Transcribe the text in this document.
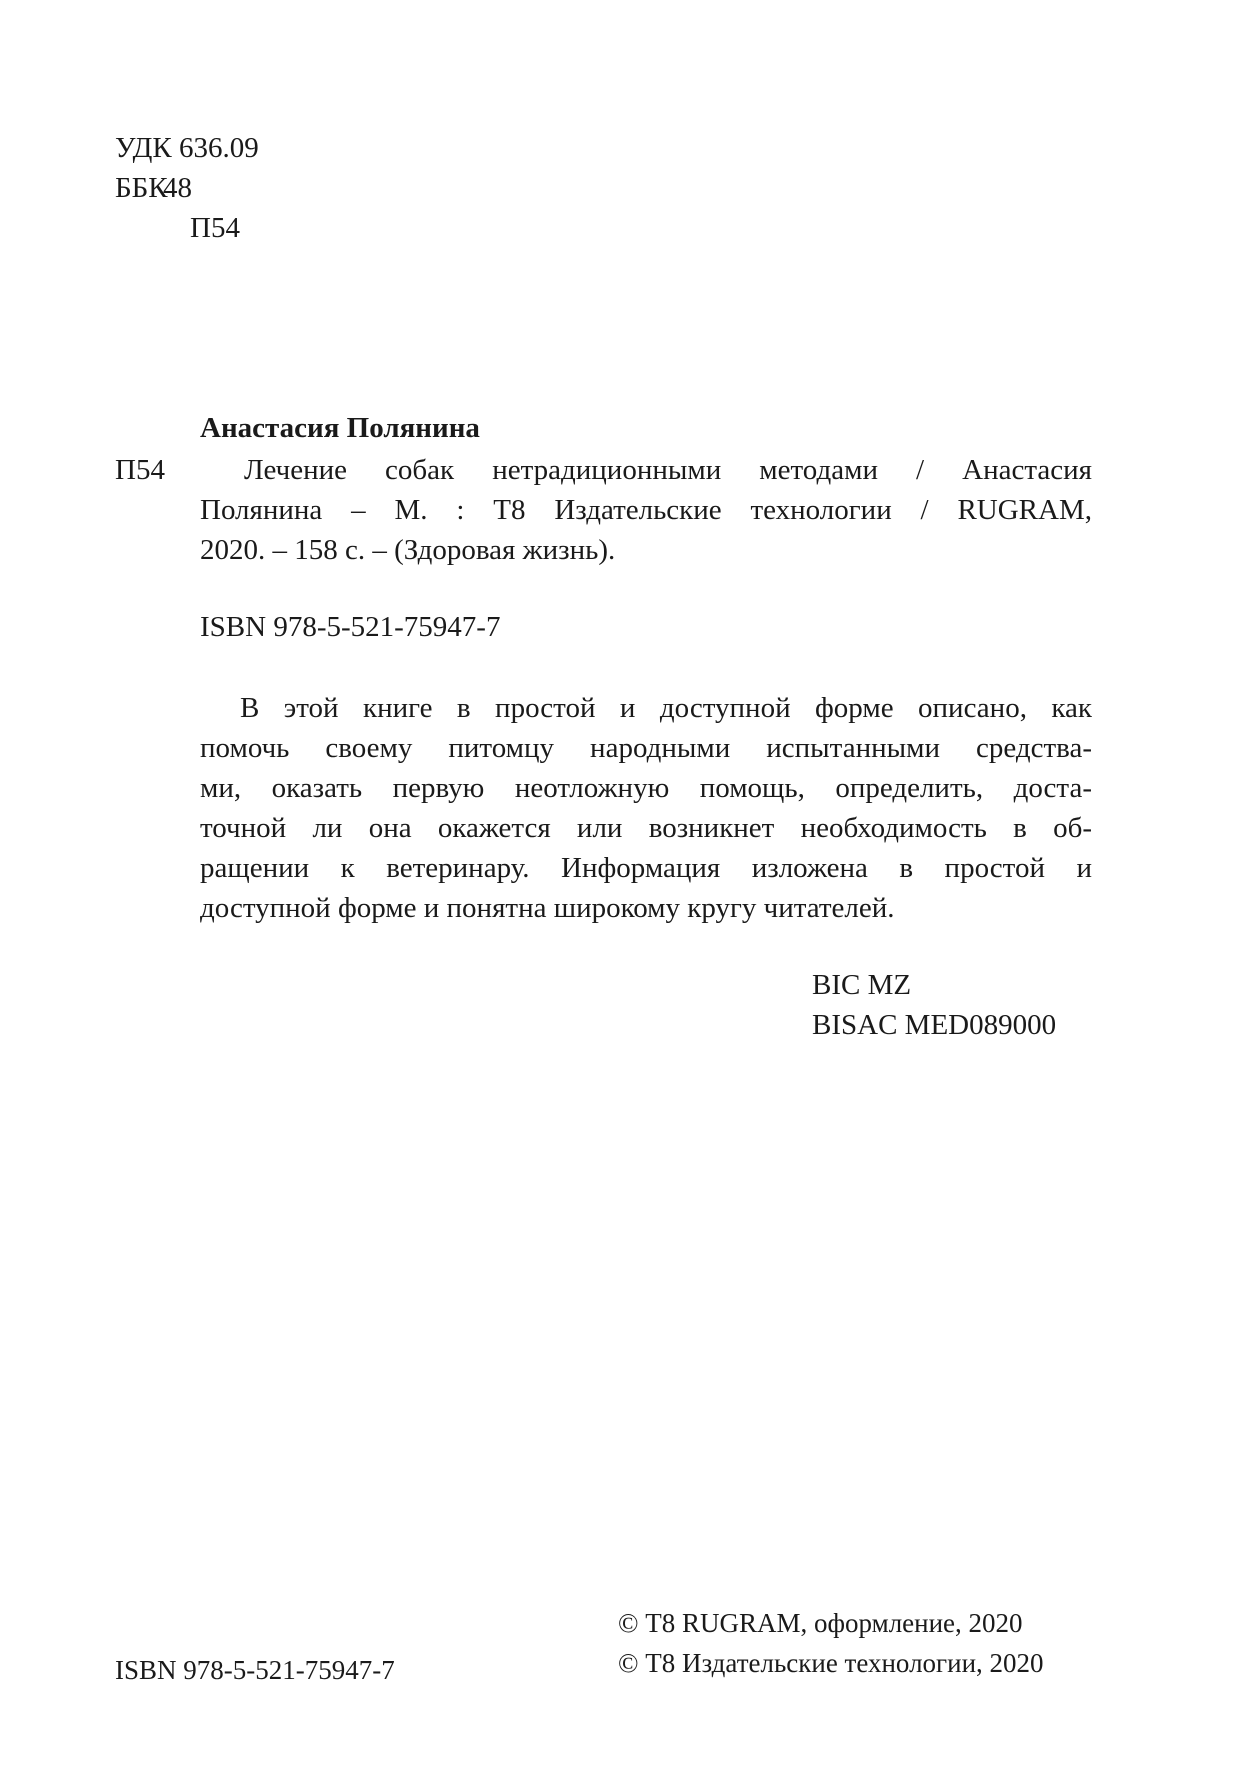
УДК 636.09
ББК
48
П54
Анастасия Полянина
П54	Лечение собак нетрадиционными методами / Анастасия
Полянина – М. : Т8 Издательские технологии / RUGRAM,
2020. – 158 с. – (Здоровая жизнь).
ISBN 978-5-521-75947-7
В этой книге в простой и доступной форме описано, как
помочь своему питомцу народными испытанными средства-
ми, оказать первую неотложную помощь, определить, доста-
точной ли она окажется или возникнет необходимость в об-
ращении к ветеринару. Информация изложена в простой и
доступной форме и понятна широкому кругу читателей.
BIC MZ
BISAC MED089000
ISBN 978-5-521-75947-7
© Т8 RUGRAM, оформление, 2020
© Т8 Издательские технологии, 2020
